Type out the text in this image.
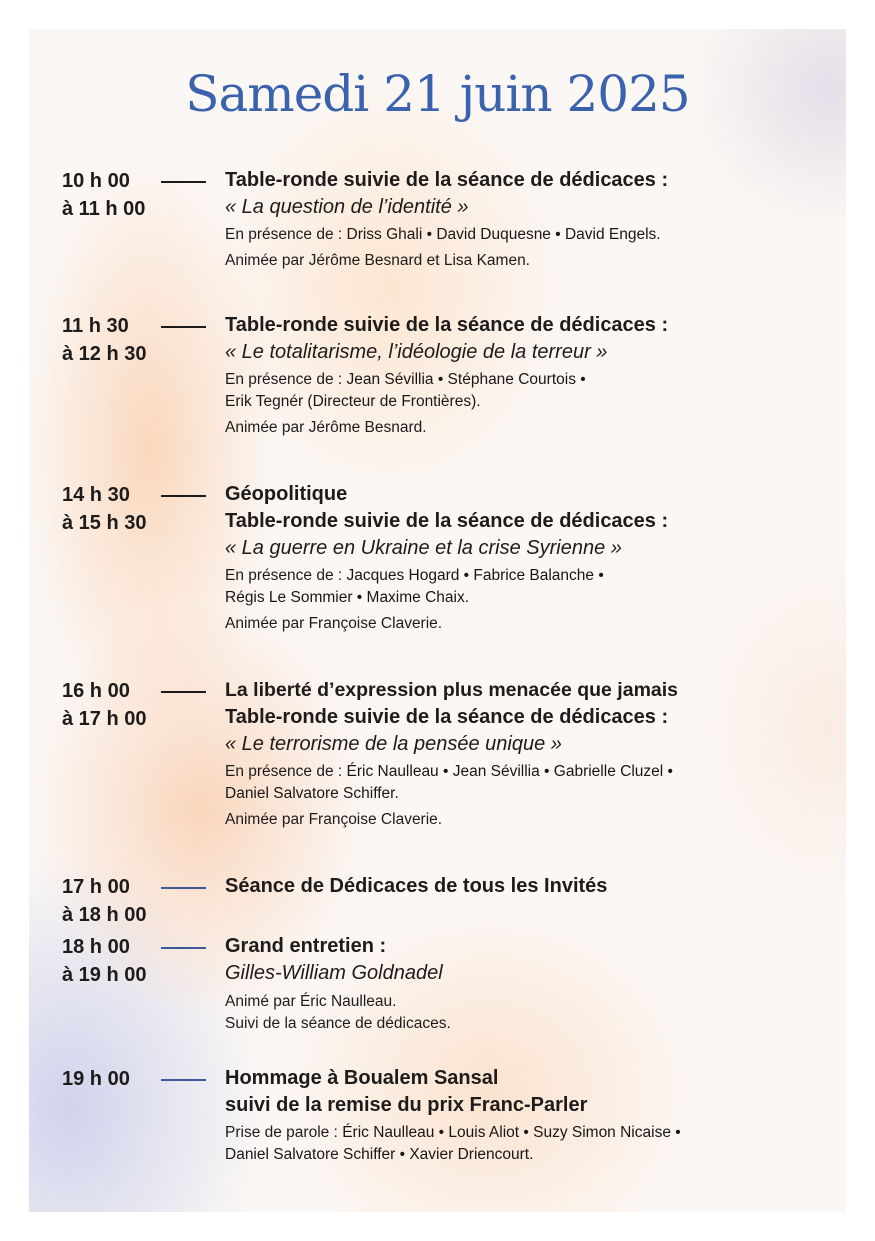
Samedi 21 juin 2025
10 h 00
à 11 h 00
Table-ronde suivie de la séance de dédicaces :
« La question de l’identité »
En présence de : Driss Ghali • David Duquesne • David Engels.
Animée par Jérôme Besnard et Lisa Kamen.
11 h 30
à 12 h 30
Table-ronde suivie de la séance de dédicaces :
« Le totalitarisme, l’idéologie de la terreur »
En présence de : Jean Sévillia • Stéphane Courtois •
Erik Tegnér (Directeur de Frontières).
Animée par Jérôme Besnard.
14 h 30
à 15 h 30
Géopolitique
Table-ronde suivie de la séance de dédicaces :
« La guerre en Ukraine et la crise Syrienne »
En présence de : Jacques Hogard • Fabrice Balanche •
Régis Le Sommier • Maxime Chaix.
Animée par Françoise Claverie.
16 h 00
à 17 h 00
La liberté d’expression plus menacée que jamais
Table-ronde suivie de la séance de dédicaces :
« Le terrorisme de la pensée unique »
En présence de : Éric Naulleau • Jean Sévillia • Gabrielle Cluzel •
Daniel Salvatore Schiffer.
Animée par Françoise Claverie.
17 h 00
à 18 h 00
Séance de Dédicaces de tous les Invités
18 h 00
à 19 h 00
Grand entretien :
Gilles-William Goldnadel
Animé par Éric Naulleau.
Suivi de la séance de dédicaces.
19 h 00	Hommage à Boualem Sansal
suivi de la remise du prix Franc-Parler
Prise de parole : Éric Naulleau • Louis Aliot • Suzy Simon Nicaise •
Daniel Salvatore Schiffer • Xavier Driencourt.
